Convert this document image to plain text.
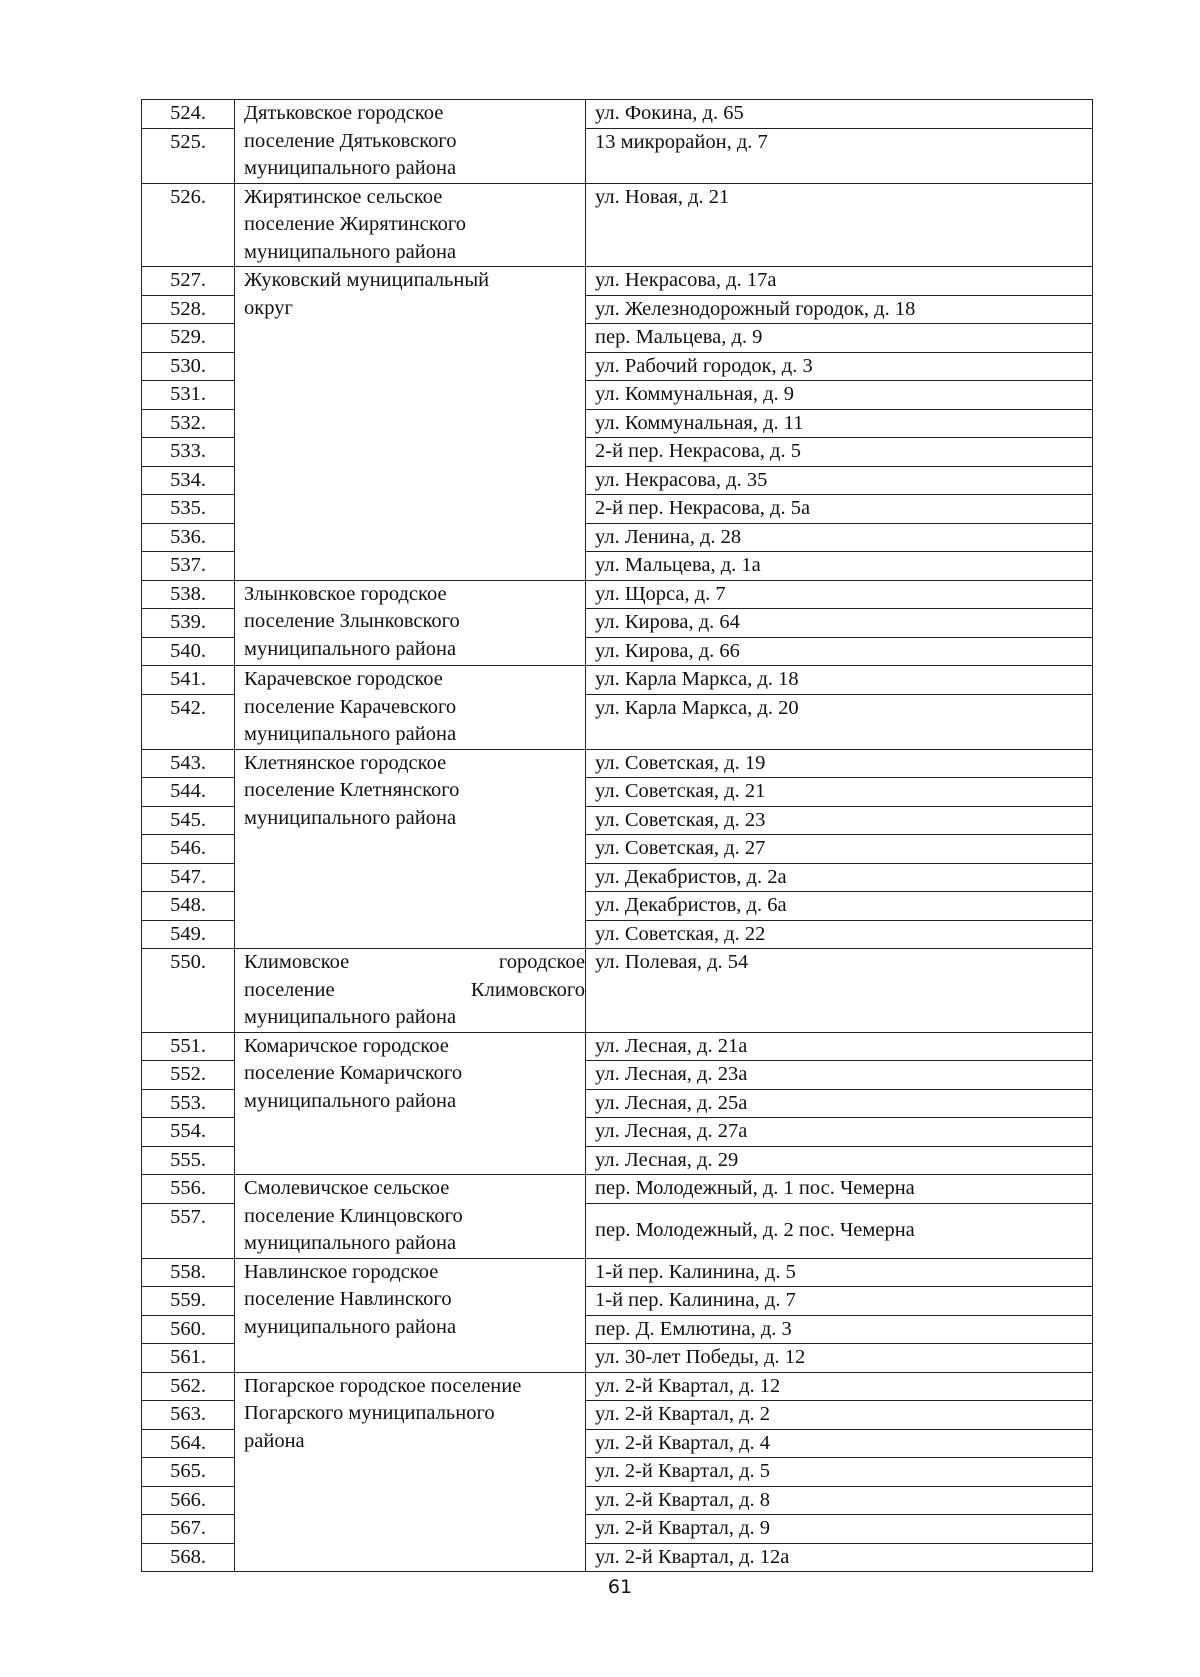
524.	Дятьковское городское
поселение Дятьковского
муниципального района	ул. Фокина, д. 65
525.		13 микрорайон, д. 7
526.	Жирятинское сельское
поселение Жирятинского
муниципального района	ул. Новая, д. 21
527.	Жуковский муниципальный
округ	ул. Некрасова, д. 17а
528.		ул. Железнодорожный городок, д. 18
529.		пер. Мальцева, д. 9
530.		ул. Рабочий городок, д. 3
531.		ул. Коммунальная, д. 9
532.		ул. Коммунальная, д. 11
533.		2-й пер. Некрасова, д. 5
534.		ул. Некрасова, д. 35
535.		2-й пер. Некрасова, д. 5а
536.		ул. Ленина, д. 28
537.		ул. Мальцева, д. 1а
538.	Злынковское городское
поселение Злынковского
муниципального района	ул. Щорса, д. 7
539.		ул. Кирова, д. 64
540.		ул. Кирова, д. 66
541.	Карачевское городское
поселение Карачевского
муниципального района	ул. Карла Маркса, д. 18
542.		ул. Карла Маркса, д. 20
543.	Клетнянское городское
поселение Клетнянского
муниципального района	ул. Советская, д. 19
544.		ул. Советская, д. 21
545.		ул. Советская, д. 23
546.		ул. Советская, д. 27
547.		ул. Декабристов, д. 2а
548.		ул. Декабристов, д. 6а
549.		ул. Советская, д. 22
550.	Климовское городское
поселение Климовского
муниципального района	ул. Полевая, д. 54
551.	Комаричское городское
поселение Комаричского
муниципального района	ул. Лесная, д. 21а
552.		ул. Лесная, д. 23а
553.		ул. Лесная, д. 25а
554.		ул. Лесная, д. 27а
555.		ул. Лесная, д. 29
556.	Смолевичское сельское
поселение Клинцовского
муниципального района	пер. Молодежный, д. 1 пос. Чемерна
557.		пер. Молодежный, д. 2 пос. Чемерна
558.	Навлинское городское
поселение Навлинского
муниципального района	1-й пер. Калинина, д. 5
559.		1-й пер. Калинина, д. 7
560.		пер. Д. Емлютина, д. 3
561.		ул. 30-лет Победы, д. 12
562.	Погарское городское поселение
Погарского муниципального
района	ул. 2-й Квартал, д. 12
563.		ул. 2-й Квартал, д. 2
564.		ул. 2-й Квартал, д. 4
565.		ул. 2-й Квартал, д. 5
566.		ул. 2-й Квартал, д. 8
567.		ул. 2-й Квартал, д. 9
568.		ул. 2-й Квартал, д. 12а
61
